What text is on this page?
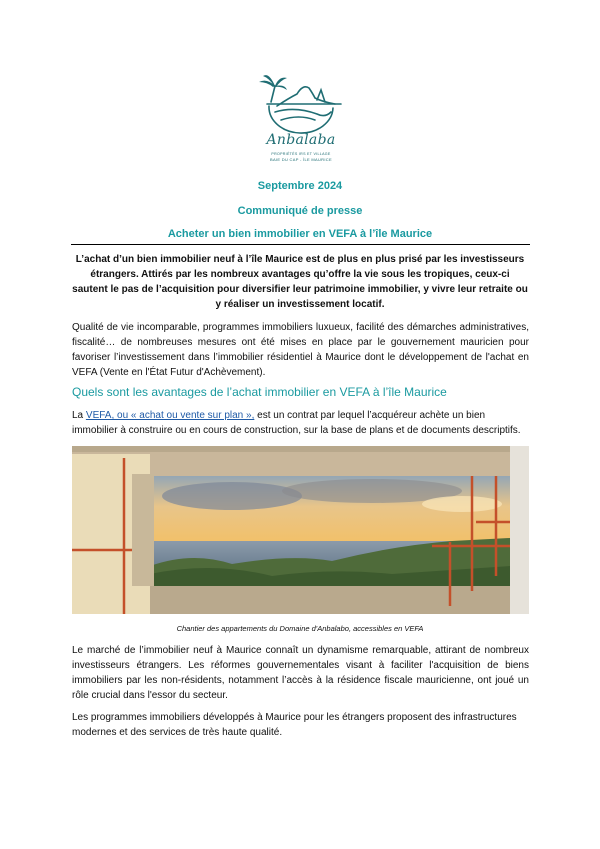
Anbalaba
PROPRIÉTÉS IRS ET VILLAGE
BAIE DU CAP - ÎLE MAURICE
Septembre 2024
Communiqué de presse
Acheter un bien immobilier en VEFA à l’île Maurice
L’achat d’un bien immobilier neuf à l’île Maurice est de plus en plus prisé par les investisseurs étrangers. Attirés par les nombreux avantages qu’offre la vie sous les tropiques, ceux-ci sautent le pas de l’acquisition pour diversifier leur patrimoine immobilier, y vivre leur retraite ou y réaliser un investissement locatif.
Qualité de vie incomparable, programmes immobiliers luxueux, facilité des démarches administratives, fiscalité… de nombreuses mesures ont été mises en place par le gouvernement mauricien pour favoriser l’investissement dans l’immobilier résidentiel à Maurice dont le développement de l'achat en VEFA (Vente en l'État Futur d'Achèvement).
Quels sont les avantages de l’achat immobilier en VEFA à l’île Maurice
La VEFA, ou « achat ou vente sur plan », est un contrat par lequel l’acquéreur achète un bien immobilier à construire ou en cours de construction, sur la base de plans et de documents descriptifs.
Chantier des appartements du Domaine d'Anbalabo, accessibles en VEFA
Le marché de l’immobilier neuf à Maurice connaît un dynamisme remarquable, attirant de nombreux investisseurs étrangers. Les réformes gouvernementales visant à faciliter l'acquisition de biens immobiliers par les non-résidents, notamment l’accès à la résidence fiscale mauricienne, ont joué un rôle crucial dans l'essor du secteur.
Les programmes immobiliers développés à Maurice pour les étrangers proposent des infrastructures modernes et des services de très haute qualité.
